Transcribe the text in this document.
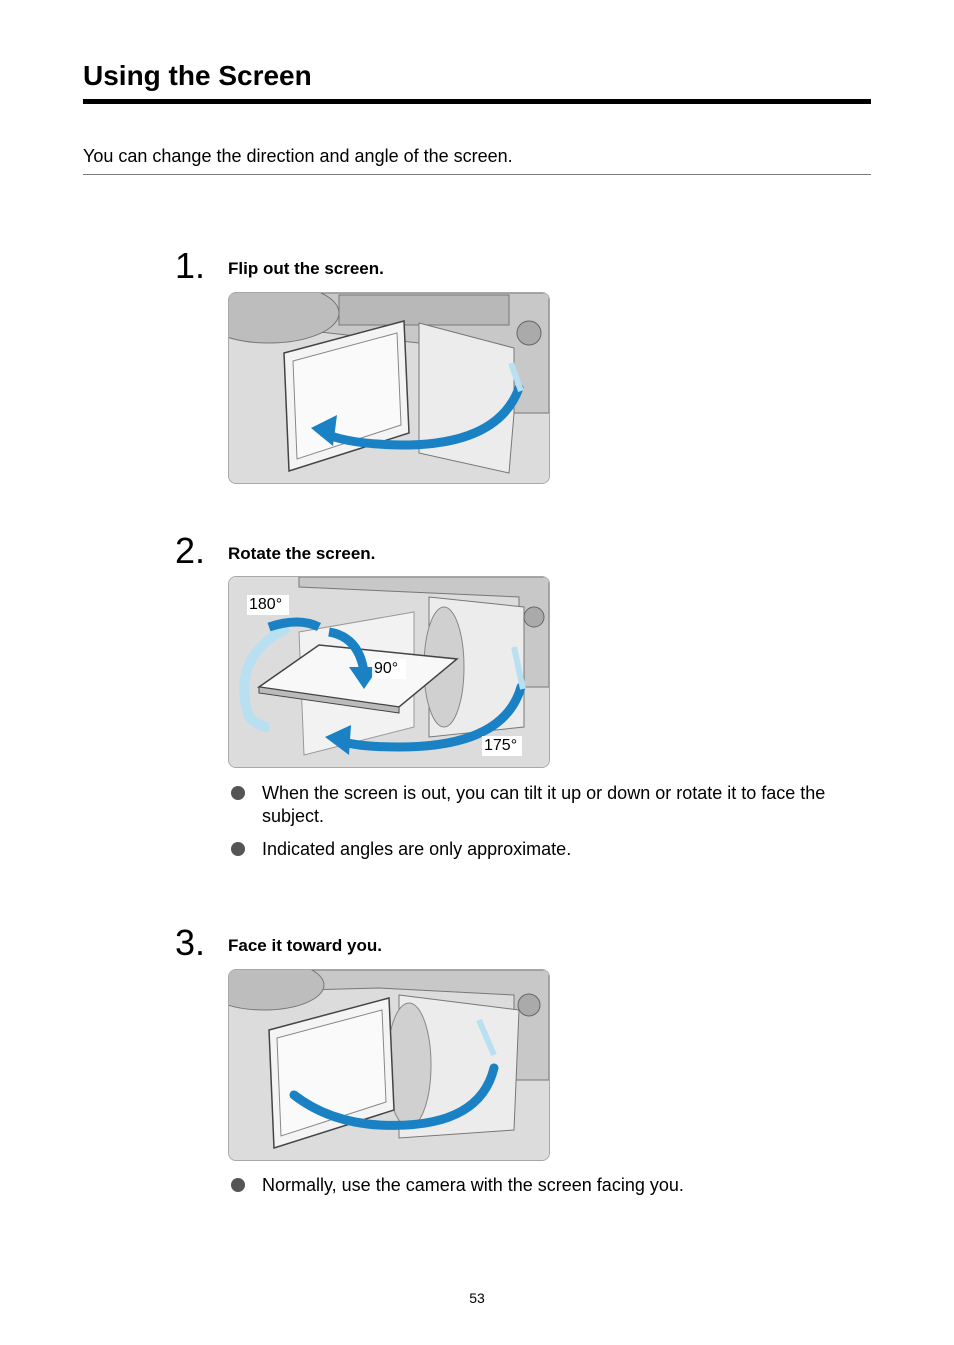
Using the Screen
You can change the direction and angle of the screen.
1. Flip out the screen.
2. Rotate the screen.
180°
90°
175°
When the screen is out, you can tilt it up or down or rotate it to face the subject.
Indicated angles are only approximate.
3. Face it toward you.
Normally, use the camera with the screen facing you.
53
